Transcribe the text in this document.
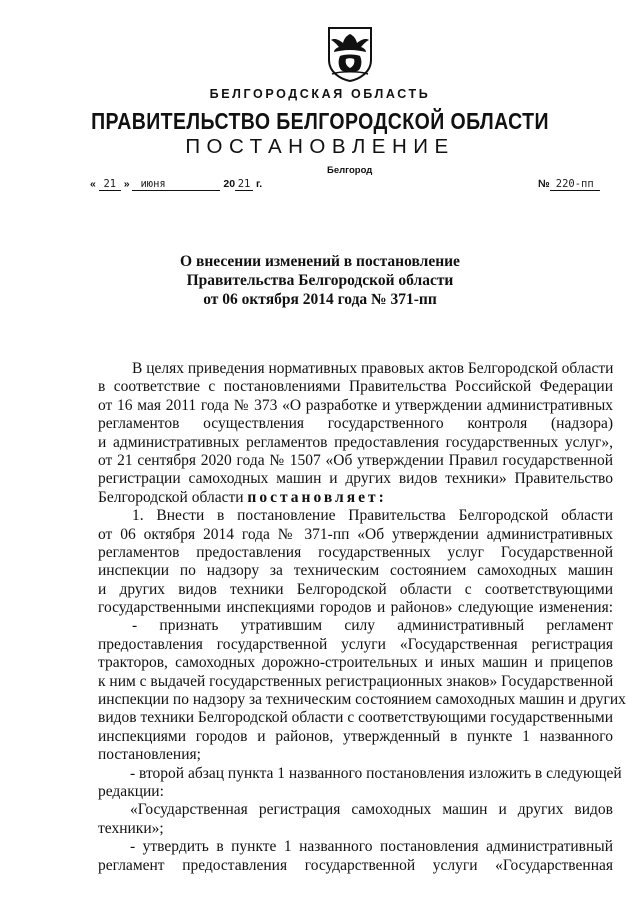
БЕЛГОРОДСКАЯ ОБЛАСТЬ
ПРАВИТЕЛЬСТВО БЕЛГОРОДСКОЙ ОБЛАСТИ
ПОСТАНОВЛЕНИЕ
Белгород
« 21 » июня	20 21 г.	№ 220-пп
О внесении изменений в постановление
Правительства Белгородской области
от 06 октября 2014 года № 371-пп
В целях приведения нормативных правовых актов Белгородской области
в соответствие с постановлениями Правительства Российской Федерации
от 16 мая 2011 года № 373 «О разработке и утверждении административных
регламентов осуществления государственного контроля (надзора)
и административных регламентов предоставления государственных услуг»,
от 21 сентября 2020 года № 1507 «Об утверждении Правил государственной
регистрации самоходных машин и других видов техники» Правительство
Белгородской области постановляет:
1. Внести в постановление Правительства Белгородской области
от 06 октября 2014 года № 371-пп «Об утверждении административных
регламентов предоставления государственных услуг Государственной
инспекции по надзору за техническим состоянием самоходных машин
и других видов техники Белгородской области с соответствующими
государственными инспекциями городов и районов» следующие изменения:
- признать утратившим силу административный регламент
предоставления государственной услуги «Государственная регистрация
тракторов, самоходных дорожно-строительных и иных машин и прицепов
к ним с выдачей государственных регистрационных знаков» Государственной
инспекции по надзору за техническим состоянием самоходных машин и других
видов техники Белгородской области с соответствующими государственными
инспекциями городов и районов, утвержденный в пункте 1 названного
постановления;
- второй абзац пункта 1 названного постановления изложить в следующей
редакции:
«Государственная регистрация самоходных машин и других видов
техники»;
- утвердить в пункте 1 названного постановления административный
регламент предоставления государственной услуги «Государственная
